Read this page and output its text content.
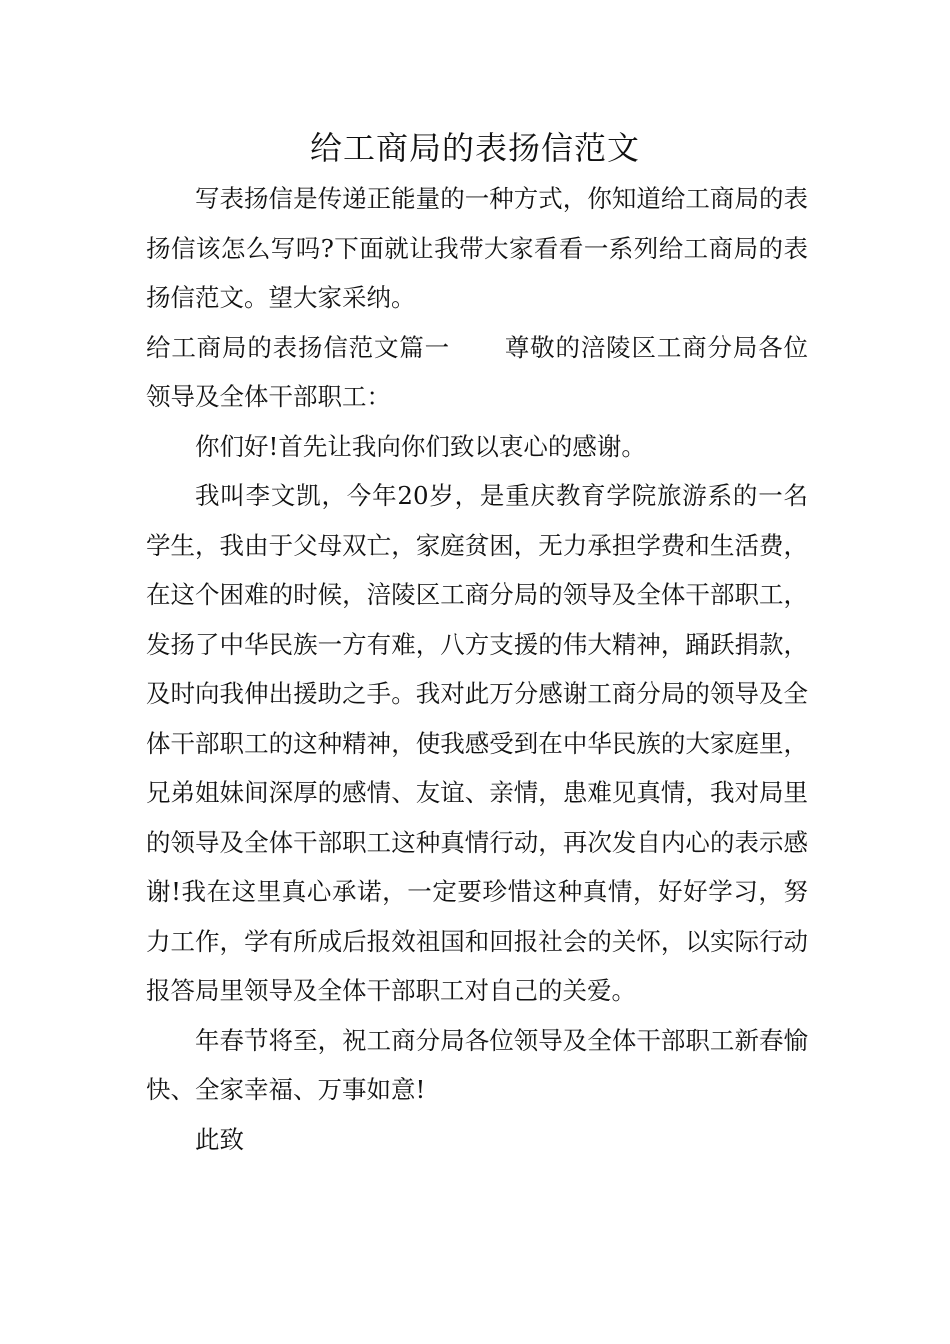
给工商局的表扬信范文

写表扬信是传递正能量的一种方式，你知道给工商局的表扬信该怎么写吗?下面就让我带大家看看一系列给工商局的表扬信范文。望大家采纳。

给工商局的表扬信范文篇一 尊敬的涪陵区工商分局各位领导及全体干部职工：

你们好!首先让我向你们致以衷心的感谢。

我叫李文凯，今年20岁，是重庆教育学院旅游系的一名学生，我由于父母双亡，家庭贫困，无力承担学费和生活费，在这个困难的时候，涪陵区工商分局的领导及全体干部职工，发扬了中华民族一方有难，八方支援的伟大精神，踊跃捐款，及时向我伸出援助之手。我对此万分感谢工商分局的领导及全体干部职工的这种精神，使我感受到在中华民族的大家庭里，兄弟姐妹间深厚的感情、友谊、亲情，患难见真情，我对局里的领导及全体干部职工这种真情行动，再次发自内心的表示感谢!我在这里真心承诺，一定要珍惜这种真情，好好学习，努力工作，学有所成后报效祖国和回报社会的关怀，以实际行动报答局里领导及全体干部职工对自己的关爱。

年春节将至，祝工商分局各位领导及全体干部职工新春愉快、全家幸福、万事如意!

此致
